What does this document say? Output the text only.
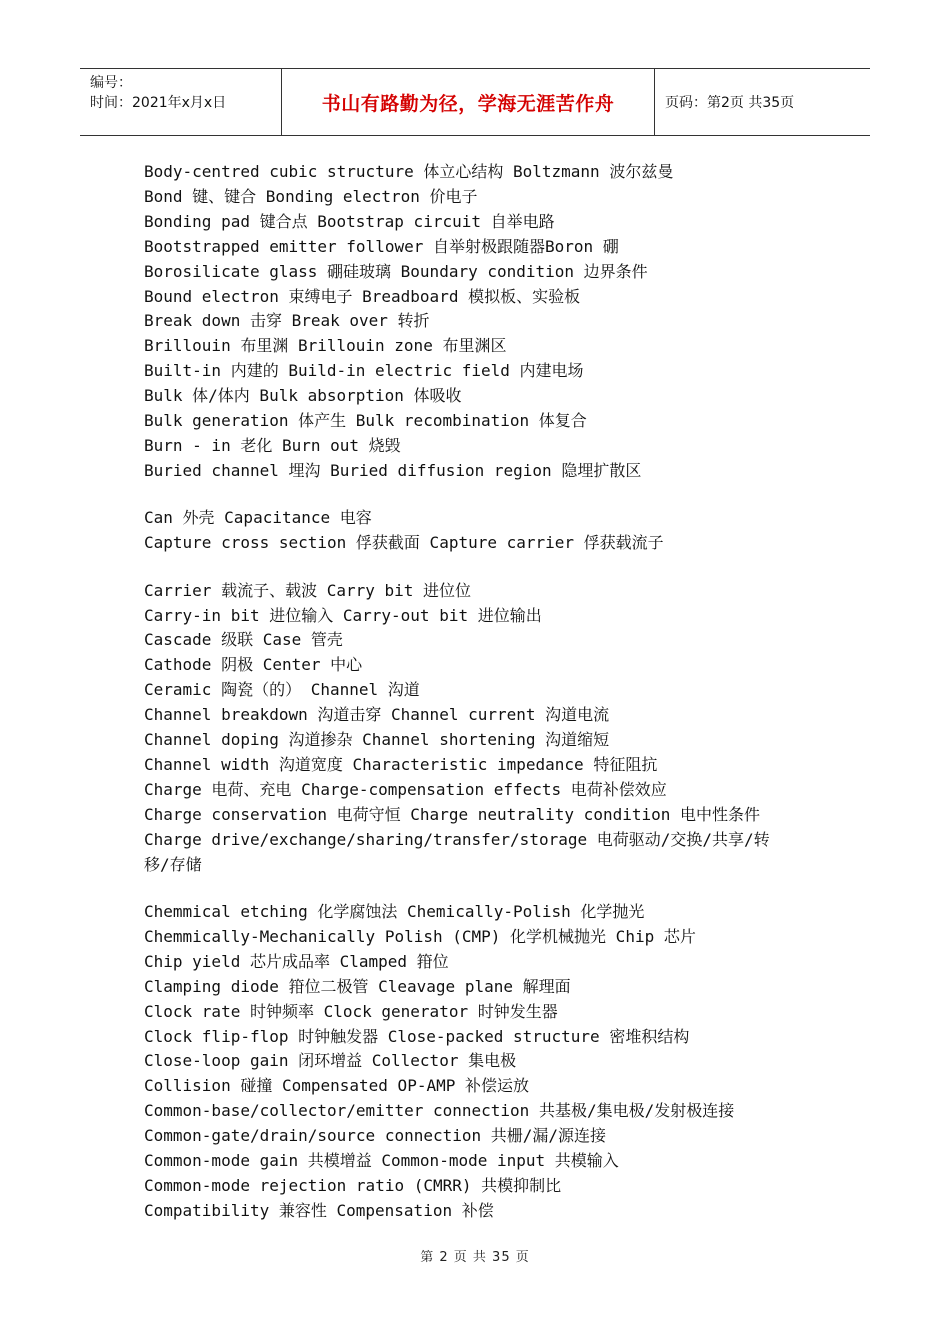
编号：
时间：2021年x月x日	书山有路勤为径，学海无涯苦作舟	页码：第2页 共35页
Body-centred cubic structure 体立心结构 Boltzmann 波尔兹曼
Bond 键、键合 Bonding electron 价电子
Bonding pad 键合点 Bootstrap circuit 自举电路
Bootstrapped emitter follower 自举射极跟随器Boron 硼
Borosilicate glass 硼硅玻璃 Boundary condition 边界条件
Bound electron 束缚电子 Breadboard 模拟板、实验板
Break down 击穿 Break over 转折
Brillouin 布里渊 Brillouin zone 布里渊区
Built-in 内建的 Build-in electric field 内建电场
Bulk 体/体内 Bulk absorption 体吸收
Bulk generation 体产生 Bulk recombination 体复合
Burn - in 老化 Burn out 烧毁
Buried channel 埋沟 Buried diffusion region 隐埋扩散区
Can 外壳 Capacitance 电容
Capture cross section 俘获截面 Capture carrier 俘获载流子
Carrier 载流子、载波 Carry bit 进位位
Carry-in bit 进位输入 Carry-out bit 进位输出
Cascade 级联 Case 管壳
Cathode 阴极 Center 中心
Ceramic 陶瓷（的） Channel 沟道
Channel breakdown 沟道击穿 Channel current 沟道电流
Channel doping 沟道掺杂 Channel shortening 沟道缩短
Channel width 沟道宽度 Characteristic impedance 特征阻抗
Charge 电荷、充电 Charge-compensation effects 电荷补偿效应
Charge conservation 电荷守恒 Charge neutrality condition 电中性条件
Charge drive/exchange/sharing/transfer/storage 电荷驱动/交换/共享/转
移/存储
Chemmical etching 化学腐蚀法 Chemically-Polish 化学抛光
Chemmically-Mechanically Polish (CMP) 化学机械抛光 Chip 芯片
Chip yield 芯片成品率 Clamped 箝位
Clamping diode 箝位二极管 Cleavage plane 解理面
Clock rate 时钟频率 Clock generator 时钟发生器
Clock flip-flop 时钟触发器 Close-packed structure 密堆积结构
Close-loop gain 闭环增益 Collector 集电极
Collision 碰撞 Compensated OP-AMP 补偿运放
Common-base/collector/emitter connection 共基极/集电极/发射极连接
Common-gate/drain/source connection 共栅/漏/源连接
Common-mode gain 共模增益 Common-mode input 共模输入
Common-mode rejection ratio (CMRR) 共模抑制比
Compatibility 兼容性 Compensation 补偿
第 2 页 共 35 页
